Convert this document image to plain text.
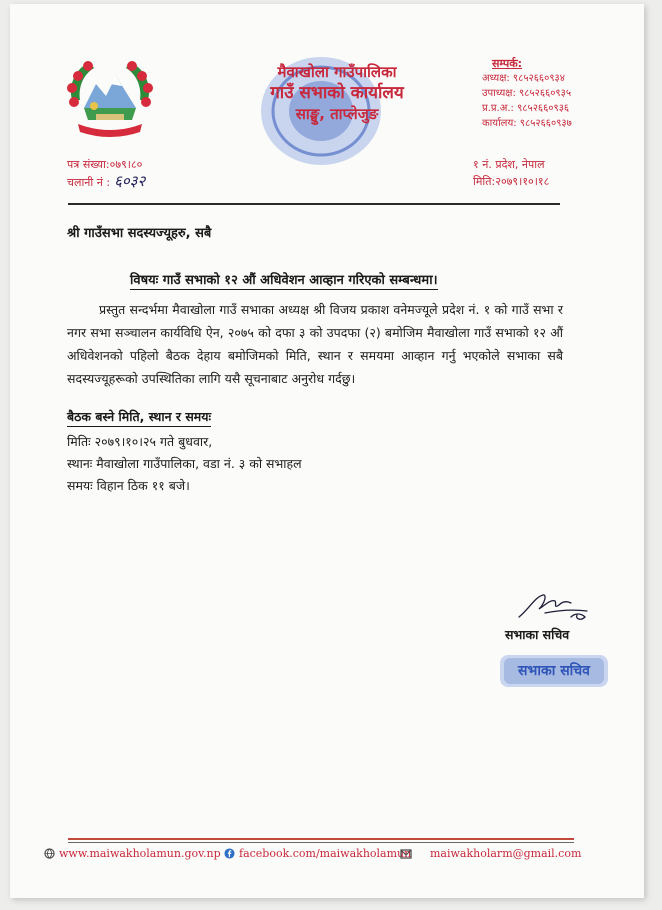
मैवाखोला गाउँपालिका
गाउँ सभाको कार्यालय
साङ्घु, ताप्लेजुङ
सम्पर्क:
अध्यक्ष: ९८५२६६०९३४
उपाध्यक्ष: ९८५२६६०९३५
प्र.प्र.अ.: ९८५२६६०९३६
कार्यालय: ९८५२६६०९३७
पत्र संख्या:०७९।८०
चलानी नं : ६०३२
१ नं. प्रदेश, नेपाल
मिति:२०७९।१०।१८
श्री गाउँसभा सदस्यज्यूहरु, सबै
विषयः गाउँ सभाको १२ औं अधिवेशन आव्हान गरिएको सम्बन्धमा।
प्रस्तुत सन्दर्भमा मैवाखोला गाउँ सभाका अध्यक्ष श्री विजय प्रकाश वनेमज्यूले प्रदेश नं. १ को गाउँ सभा र नगर सभा सञ्चालन कार्यविधि ऐन, २०७५ को दफा ३ को उपदफा (२) बमोजिम मैवाखोला गाउँ सभाको १२ औं अधिवेशनको पहिलो बैठक देहाय बमोजिमको मिति, स्थान र समयमा आव्हान गर्नु भएकोले सभाका सबै सदस्यज्यूहरूको उपस्थितिका लागि यसै सूचनाबाट अनुरोध गर्दछु।
बैठक बस्ने मिति, स्थान र समयः
मितिः २०७९।१०।२५ गते बुधवार,
स्थानः मैवाखोला गाउँपालिका, वडा नं. ३ को सभाहल
समयः विहान ठिक ११ बजे।
सभाका सचिव
सभाका सचिव
www.maiwakholamun.gov.np	facebook.com/maiwakholamun	maiwakholarm@gmail.com
